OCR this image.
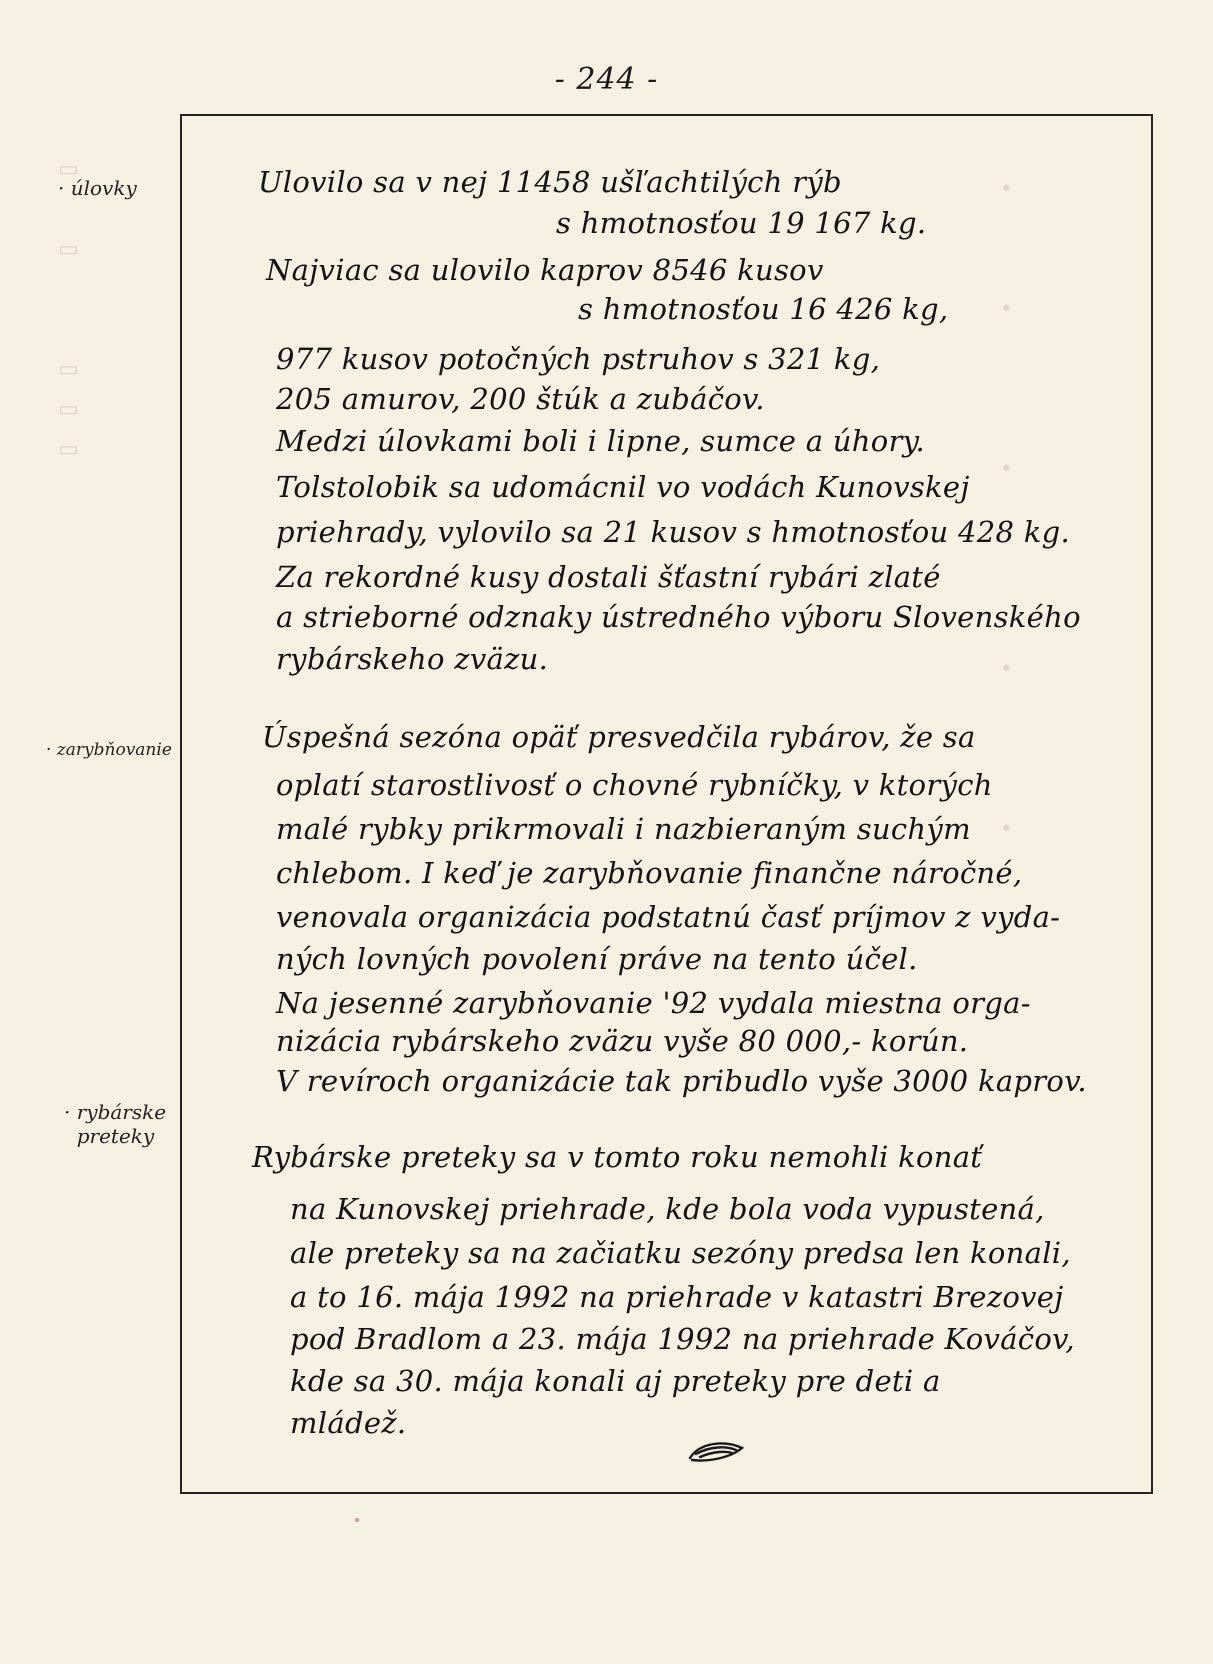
•

•

•

•

•
▭

▭

▭
▭
▭
- 244 -
· úlovky
· zarybňovanie
· rybárske
preteky
Ulovilo sa v nej 11458 ušľachtilých rýb
s hmotnosťou 19 167 kg.
Najviac sa ulovilo kaprov 8546 kusov
s hmotnosťou 16 426 kg,
977 kusov potočných pstruhov s 321 kg,
205 amurov, 200 štúk a zubáčov.
Medzi úlovkami boli i lipne, sumce a úhory.
Tolstolobik sa udomácnil vo vodách Kunovskej
priehrady, vylovilo sa 21 kusov s hmotnosťou 428 kg.
Za rekordné kusy dostali šťastní rybári zlaté
a strieborné odznaky ústredného výboru Slovenského
rybárskeho zväzu.
Úspešná sezóna opäť presvedčila rybárov, že sa
oplatí starostlivosť o chovné rybníčky, v ktorých
malé rybky prikrmovali i nazbieraným suchým
chlebom. I keď je zarybňovanie finančne náročné,
venovala organizácia podstatnú časť príjmov z vyda-
ných lovných povolení práve na tento účel.
Na jesenné zarybňovanie '92 vydala miestna orga-
nizácia rybárskeho zväzu vyše 80 000,- korún.
V revíroch organizácie tak pribudlo vyše 3000 kaprov.
Rybárske preteky sa v tomto roku nemohli konať
na Kunovskej priehrade, kde bola voda vypustená,
ale preteky sa na začiatku sezóny predsa len konali,
a to 16. mája 1992 na priehrade v katastri Brezovej
pod Bradlom a 23. mája 1992 na priehrade Kováčov,
kde sa 30. mája konali aj preteky pre deti a
mládež.
